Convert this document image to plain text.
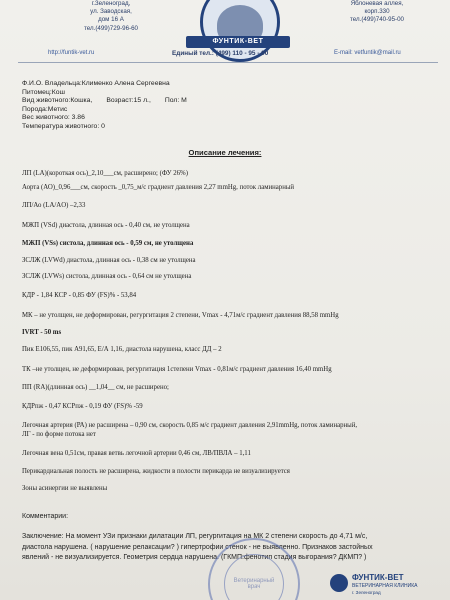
г.Зеленоград,
ул. Заводская,
дом 16 А
тел.(499)729-96-60
ФУНТИК-ВЕТ
Яблоневая аллея,
корп.330
тел.(499)740-95-00
http://funtik-vet.ru	Единый тел.: (499) 110 - 95 - 00	E-mail: vetfuntik@mail.ru
Ф.И.О. Владельца:Клименко Алена Сергеевна
Питомец:Кош
Вид животного:Кошка, Возраст:15 л., Пол: М
Порода:Метис
Вес животного: 3.86
Температура животного: 0
Описание лечения:
ЛП (LA)(короткая ось)_2,10___см, расширено; (ФУ 26%)
Аорта (АО)_0,96___см, скорость _0,75_м/с градиент давления 2,27 mmHg, поток ламинарный
ЛП/Ао (LA/AO) –2,33
МЖП (VSd) диастола, длинная ось - 0,40 см, не утолщена
МЖП (VSs) систола, длинная ось - 0,59 см, не утолщена
ЗСЛЖ (LVWd) диастола, длинная ось - 0,38 см не утолщена
ЗСЛЖ (LVWs) систола, длинная ось - 0,64 см не утолщена
КДР - 1,84 КСР - 0,85 ФУ (FS)% - 53,84
МК – не утолщен, не деформирован, регургитация 2 степени, Vmax - 4,71м/с градиент давления 88,58 mmHg
IVRT - 50 ms
Пик Е106,55, пик А91,65, Е/А 1,16, диастола нарушена, класс ДД – 2
ТК –не утолщен, не деформирован, регургитация 1степени Vmax - 0,81м/с градиент давления 16,40 mmHg
ПП (RA)(длинная ось) __1,04__ см, не расширено;
КДРпж - 0,47 КСРпж - 0,19 ФУ (FS)% -59
Легочная артерия (РА) не расширена – 0,90 см, скорость 0,85 м/с градиент давления 2,91mmHg, поток ламинарный,
ЛГ - по форме потока нет
Легочная вена 0,51см, правая ветвь легочной артерии 0,46 см, ЛВ/ПВЛА – 1,11
Перикардиальная полость не расширена, жидкости в полости перикарда не визуализируется
Зоны асинергии не выявлены
Комментарии:

Заключение: На момент УЗи признаки дилатации ЛП, регургитация на МК 2 степени скорость до 4,71 м/с,
диастола нарушена. ( нарушение релаксации? ) гипертрофии стенок - не выявленно. Признаков застойных
явлений - не визуализируется. Геометрия сердца нарушена. (ГКМП:фенотип стадия выгорания? ДКМП? )
Ветеринарный врач
ФУНТИК-ВЕТ
ВЕТЕРИНАРНАЯ КЛИНИКА
г. Зеленоград
